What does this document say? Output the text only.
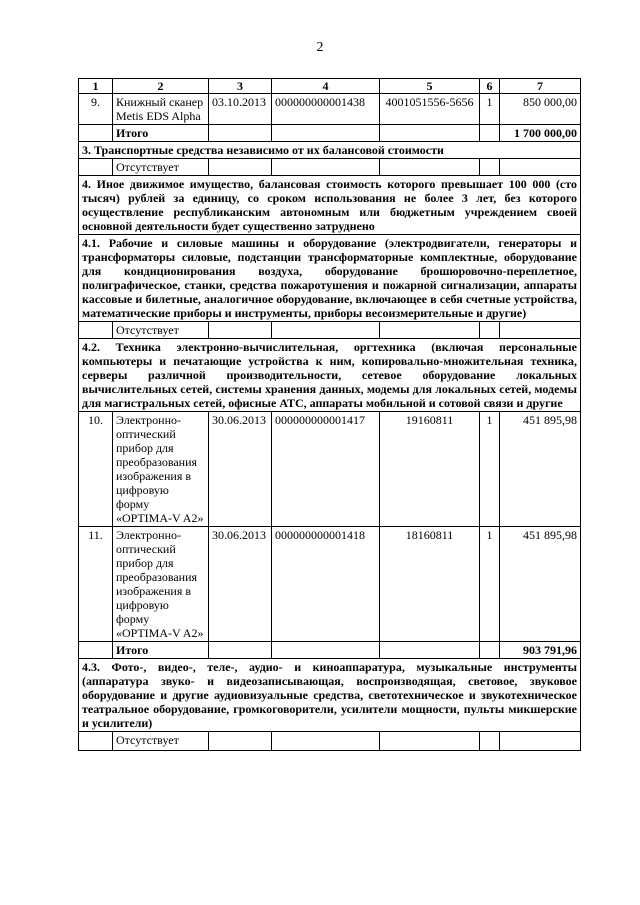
2
1	2	3	4	5	6	7
9.	Книжный сканер Metis EDS Alpha	03.10.2013	000000000001438	4001051556-5656	1	850 000,00
	Итого					1 700 000,00
3. Транспортные средства независимо от их балансовой стоимости						
	Отсутствует					
4. Иное движимое имущество, балансовая стоимость которого превышает 100 000 (сто тысяч) рублей за единицу, со сроком использования не более 3 лет, без которого осуществление республиканским автономным или бюджетным учреждением своей основной деятельности будет существенно затруднено						
4.1. Рабочие и силовые машины и оборудование (электродвигатели, генераторы и трансформаторы силовые, подстанции трансформаторные комплектные, оборудование для кондиционирования воздуха, оборудование брошюровочно-переплетное, полиграфическое, станки, средства пожаротушения и пожарной сигнализации, аппараты кассовые и билетные, аналогичное оборудование, включающее в себя счетные устройства, математические приборы и инструменты, приборы весоизмерительные и другие)						
	Отсутствует					
4.2. Техника электронно-вычислительная, оргтехника (включая персональные компьютеры и печатающие устройства к ним, копировально-множительная техника, серверы различной производительности, сетевое оборудование локальных вычислительных сетей, системы хранения данных, модемы для локальных сетей, модемы для магистральных сетей, офисные АТС, аппараты мобильной и сотовой связи и другие						
10.	Электронно-оптический прибор для преобразования изображения в цифровую форму «OPTIMA-V A2»	30.06.2013	000000000001417	19160811	1	451 895,98
11.	Электронно-оптический прибор для преобразования изображения в цифровую форму «OPTIMA-V A2»	30.06.2013	000000000001418	18160811	1	451 895,98
	Итого					903 791,96
4.3. Фото-, видео-, теле-, аудио- и киноаппаратура, музыкальные инструменты (аппаратура звуко- и видеозаписывающая, воспроизводящая, световое, звуковое оборудование и другие аудиовизуальные средства, светотехническое и звукотехническое театральное оборудование, громкоговорители, усилители мощности, пульты микшерские и усилители)						
	Отсутствует					
